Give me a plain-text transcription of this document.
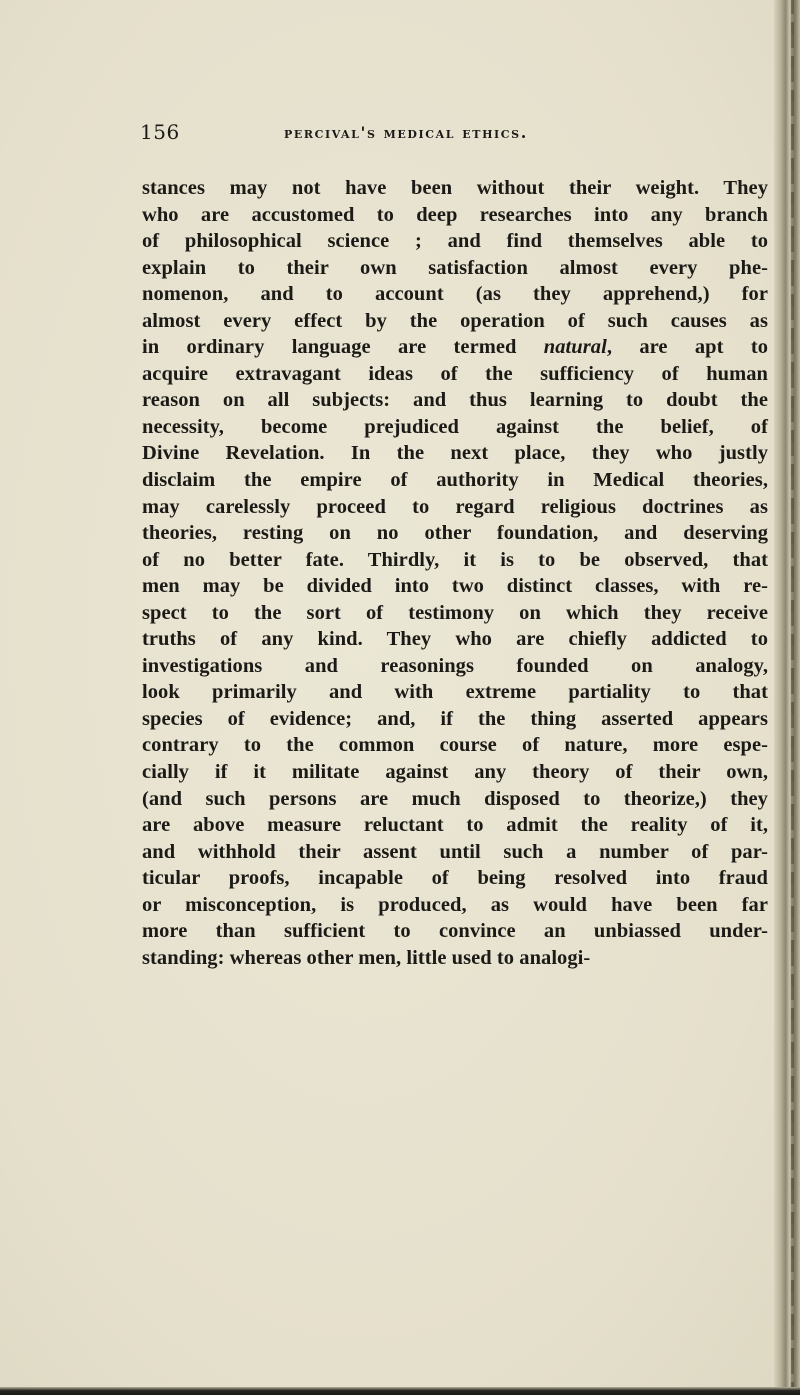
156	percival's medical ethics.
stances may not have been without their weight. They
who are accustomed to deep researches into any branch
of philosophical science ; and find themselves able to
explain to their own satisfaction almost every phe-
nomenon, and to account (as they apprehend,) for
almost every effect by the operation of such causes as
in ordinary language are termed natural, are apt to
acquire extravagant ideas of the sufficiency of human
reason on all subjects: and thus learning to doubt the
necessity, become prejudiced against the belief, of
Divine Revelation. In the next place, they who justly
disclaim the empire of authority in Medical theories,
may carelessly proceed to regard religious doctrines as
theories, resting on no other foundation, and deserving
of no better fate. Thirdly, it is to be observed, that
men may be divided into two distinct classes, with re-
spect to the sort of testimony on which they receive
truths of any kind. They who are chiefly addicted to
investigations and reasonings founded on analogy,
look primarily and with extreme partiality to that
species of evidence; and, if the thing asserted appears
contrary to the common course of nature, more espe-
cially if it militate against any theory of their own,
(and such persons are much disposed to theorize,) they
are above measure reluctant to admit the reality of it,
and withhold their assent until such a number of par-
ticular proofs, incapable of being resolved into fraud
or misconception, is produced, as would have been far
more than sufficient to convince an unbiassed under-
standing: whereas other men, little used to analogi-
